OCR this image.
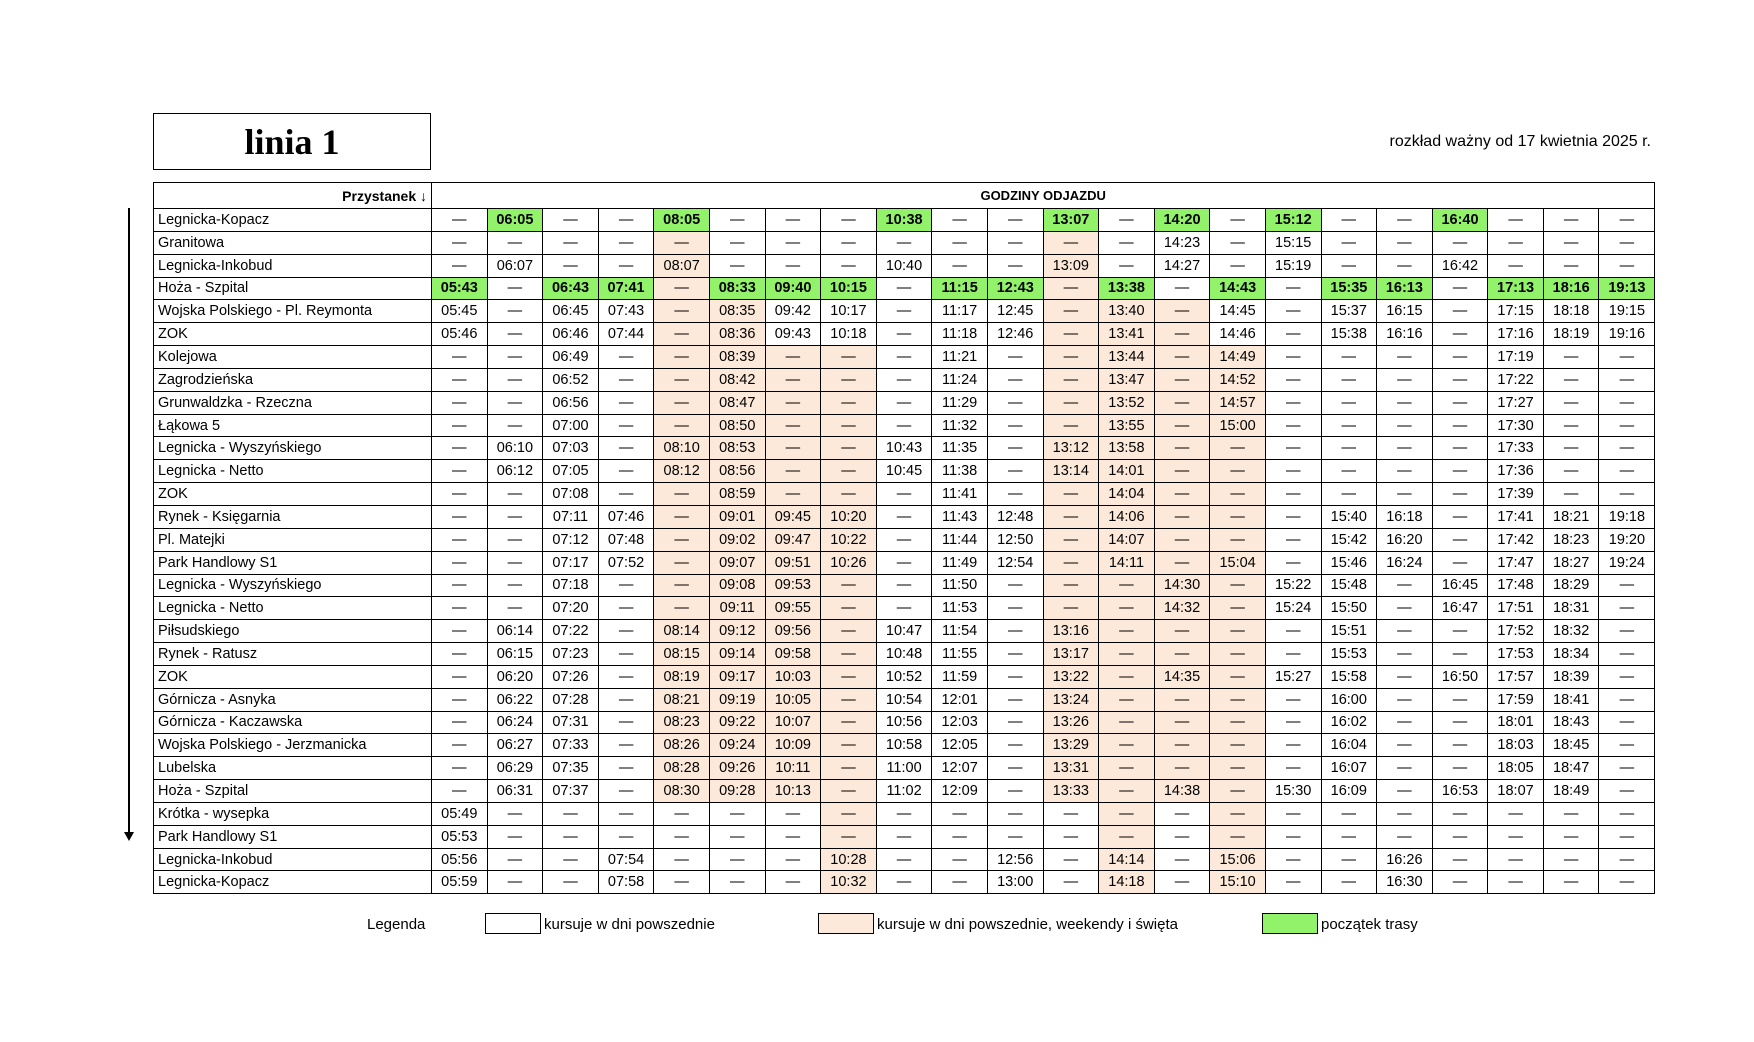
linia 1	rozkład ważny od 17 kwietnia 2025 r.
Przystanek ↓	GODZINY ODJAZDU																					
Legnicka-Kopacz	—	06:05	—	—	08:05	—	—	—	10:38	—	—	13:07	—	14:20	—	15:12	—	—	16:40	—	—	—
Granitowa	—	—	—	—	—	—	—	—	—	—	—	—	—	14:23	—	15:15	—	—	—	—	—	—
Legnicka-Inkobud	—	06:07	—	—	08:07	—	—	—	10:40	—	—	13:09	—	14:27	—	15:19	—	—	16:42	—	—	—
Hoża - Szpital	05:43	—	06:43	07:41	—	08:33	09:40	10:15	—	11:15	12:43	—	13:38	—	14:43	—	15:35	16:13	—	17:13	18:16	19:13
Wojska Polskiego - Pl. Reymonta	05:45	—	06:45	07:43	—	08:35	09:42	10:17	—	11:17	12:45	—	13:40	—	14:45	—	15:37	16:15	—	17:15	18:18	19:15
ZOK	05:46	—	06:46	07:44	—	08:36	09:43	10:18	—	11:18	12:46	—	13:41	—	14:46	—	15:38	16:16	—	17:16	18:19	19:16
Kolejowa	—	—	06:49	—	—	08:39	—	—	—	11:21	—	—	13:44	—	14:49	—	—	—	—	17:19	—	—
Zagrodzieńska	—	—	06:52	—	—	08:42	—	—	—	11:24	—	—	13:47	—	14:52	—	—	—	—	17:22	—	—
Grunwaldzka - Rzeczna	—	—	06:56	—	—	08:47	—	—	—	11:29	—	—	13:52	—	14:57	—	—	—	—	17:27	—	—
Łąkowa 5	—	—	07:00	—	—	08:50	—	—	—	11:32	—	—	13:55	—	15:00	—	—	—	—	17:30	—	—
Legnicka - Wyszyńskiego	—	06:10	07:03	—	08:10	08:53	—	—	10:43	11:35	—	13:12	13:58	—	—	—	—	—	—	17:33	—	—
Legnicka - Netto	—	06:12	07:05	—	08:12	08:56	—	—	10:45	11:38	—	13:14	14:01	—	—	—	—	—	—	17:36	—	—
ZOK	—	—	07:08	—	—	08:59	—	—	—	11:41	—	—	14:04	—	—	—	—	—	—	17:39	—	—
Rynek - Księgarnia	—	—	07:11	07:46	—	09:01	09:45	10:20	—	11:43	12:48	—	14:06	—	—	—	15:40	16:18	—	17:41	18:21	19:18
Pl. Matejki	—	—	07:12	07:48	—	09:02	09:47	10:22	—	11:44	12:50	—	14:07	—	—	—	15:42	16:20	—	17:42	18:23	19:20
Park Handlowy S1	—	—	07:17	07:52	—	09:07	09:51	10:26	—	11:49	12:54	—	14:11	—	15:04	—	15:46	16:24	—	17:47	18:27	19:24
Legnicka - Wyszyńskiego	—	—	07:18	—	—	09:08	09:53	—	—	11:50	—	—	—	14:30	—	15:22	15:48	—	16:45	17:48	18:29	—
Legnicka - Netto	—	—	07:20	—	—	09:11	09:55	—	—	11:53	—	—	—	14:32	—	15:24	15:50	—	16:47	17:51	18:31	—
Piłsudskiego	—	06:14	07:22	—	08:14	09:12	09:56	—	10:47	11:54	—	13:16	—	—	—	—	15:51	—	—	17:52	18:32	—
Rynek - Ratusz	—	06:15	07:23	—	08:15	09:14	09:58	—	10:48	11:55	—	13:17	—	—	—	—	15:53	—	—	17:53	18:34	—
ZOK	—	06:20	07:26	—	08:19	09:17	10:03	—	10:52	11:59	—	13:22	—	14:35	—	15:27	15:58	—	16:50	17:57	18:39	—
Górnicza - Asnyka	—	06:22	07:28	—	08:21	09:19	10:05	—	10:54	12:01	—	13:24	—	—	—	—	16:00	—	—	17:59	18:41	—
Górnicza - Kaczawska	—	06:24	07:31	—	08:23	09:22	10:07	—	10:56	12:03	—	13:26	—	—	—	—	16:02	—	—	18:01	18:43	—
Wojska Polskiego - Jerzmanicka	—	06:27	07:33	—	08:26	09:24	10:09	—	10:58	12:05	—	13:29	—	—	—	—	16:04	—	—	18:03	18:45	—
Lubelska	—	06:29	07:35	—	08:28	09:26	10:11	—	11:00	12:07	—	13:31	—	—	—	—	16:07	—	—	18:05	18:47	—
Hoża - Szpital	—	06:31	07:37	—	08:30	09:28	10:13	—	11:02	12:09	—	13:33	—	14:38	—	15:30	16:09	—	16:53	18:07	18:49	—
Krótka - wysepka	05:49	—	—	—	—	—	—	—	—	—	—	—	—	—	—	—	—	—	—	—	—	—
Park Handlowy S1	05:53	—	—	—	—	—	—	—	—	—	—	—	—	—	—	—	—	—	—	—	—	—
Legnicka-Inkobud	05:56	—	—	07:54	—	—	—	10:28	—	—	12:56	—	14:14	—	15:06	—	—	16:26	—	—	—	—
Legnicka-Kopacz	05:59	—	—	07:58	—	—	—	10:32	—	—	13:00	—	14:18	—	15:10	—	—	16:30	—	—	—	—
Legenda	kursuje w dni powszednie	kursuje w dni powszednie, weekendy i święta	początek trasy
